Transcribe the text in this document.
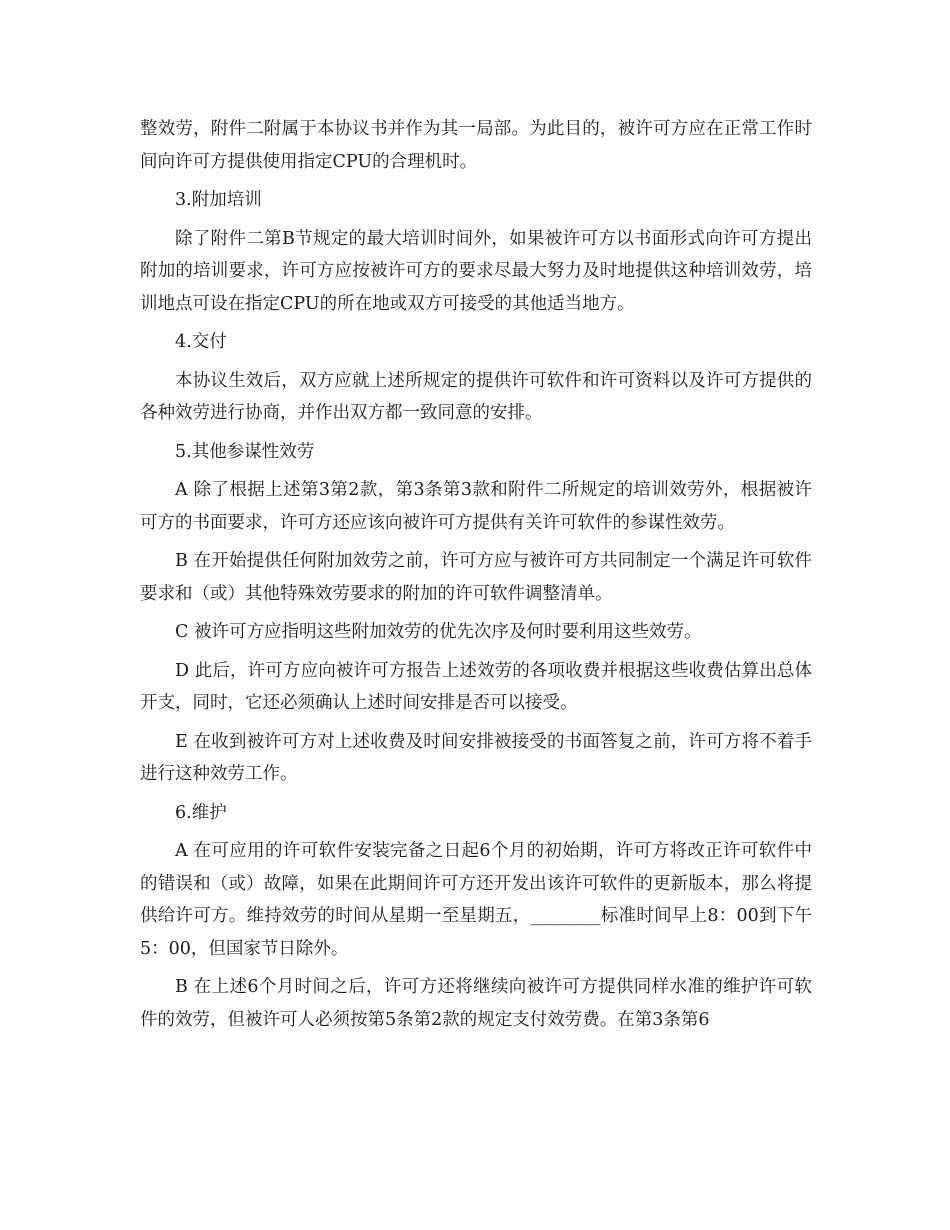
整效劳，附件二附属于本协议书并作为其一局部。为此目的，被许可方应在正常工作时间向许可方提供使用指定CPU的合理机时。

3.附加培训

除了附件二第B节规定的最大培训时间外，如果被许可方以书面形式向许可方提出附加的培训要求，许可方应按被许可方的要求尽最大努力及时地提供这种培训效劳，培训地点可设在指定CPU的所在地或双方可接受的其他适当地方。

4.交付

本协议生效后，双方应就上述所规定的提供许可软件和许可资料以及许可方提供的各种效劳进行协商，并作出双方都一致同意的安排。

5.其他参谋性效劳

A 除了根据上述第3第2款，第3条第3款和附件二所规定的培训效劳外，根据被许可方的书面要求，许可方还应该向被许可方提供有关许可软件的参谋性效劳。

B 在开始提供任何附加效劳之前，许可方应与被许可方共同制定一个满足许可软件要求和（或）其他特殊效劳要求的附加的许可软件调整清单。

C 被许可方应指明这些附加效劳的优先次序及何时要利用这些效劳。

D 此后，许可方应向被许可方报告上述效劳的各项收费并根据这些收费估算出总体开支，同时，它还必须确认上述时间安排是否可以接受。

E 在收到被许可方对上述收费及时间安排被接受的书面答复之前，许可方将不着手进行这种效劳工作。

6.维护

A 在可应用的许可软件安装完备之日起6个月的初始期，许可方将改正许可软件中的错误和（或）故障，如果在此期间许可方还开发出该许可软件的更新版本，那么将提供给许可方。维持效劳的时间从星期一至星期五，________标准时间早上8：00到下午5：00，但国家节日除外。

B 在上述6个月时间之后，许可方还将继续向被许可方提供同样水准的维护许可软件的效劳，但被许可人必须按第5条第2款的规定支付效劳费。在第3条第6
